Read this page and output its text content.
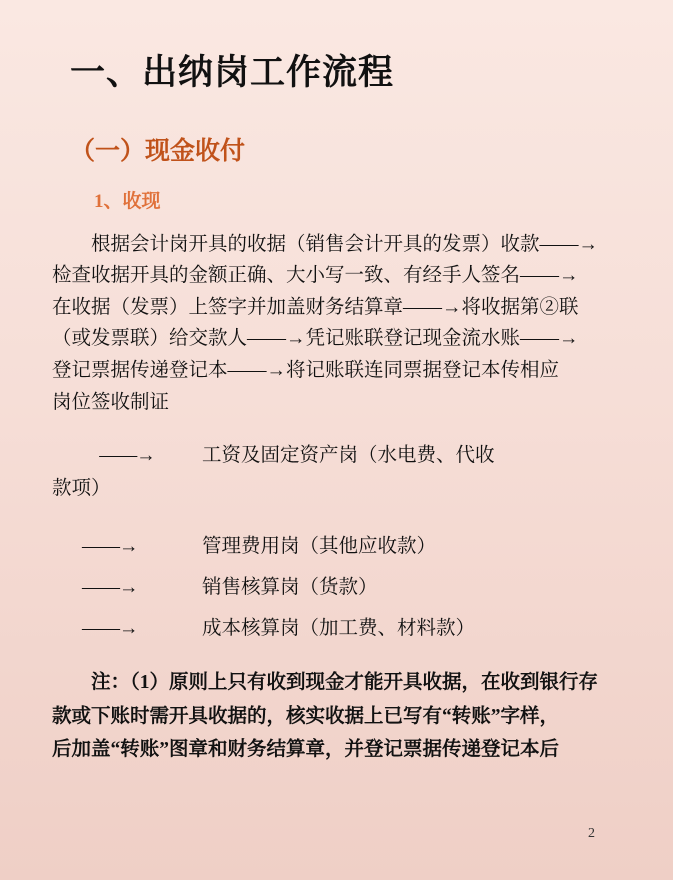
一、出纳岗工作流程
（一）现金收付
1、收现

根据会计岗开具的收据（销售会计开具的发票）收款——→

检查收据开具的金额正确、大小写一致、有经手人签名——→

在收据（发票）上签字并加盖财务结算章——→将收据第②联

（或发票联）给交款人——→凭记账联登记现金流水账——→

登记票据传递登记本——→将记账联连同票据登记本传相应

岗位签收制证

——→	工资及固定资产岗（水电费、代收
款项）
——→	管理费用岗（其他应收款）
——→	销售核算岗（货款）
——→	成本核算岗（加工费、材料款）

注：（1）原则上只有收到现金才能开具收据，在收到银行存

款或下账时需开具收据的，核实收据上已写有“转账”字样，

后加盖“转账”图章和财务结算章，并登记票据传递登记本后

2
